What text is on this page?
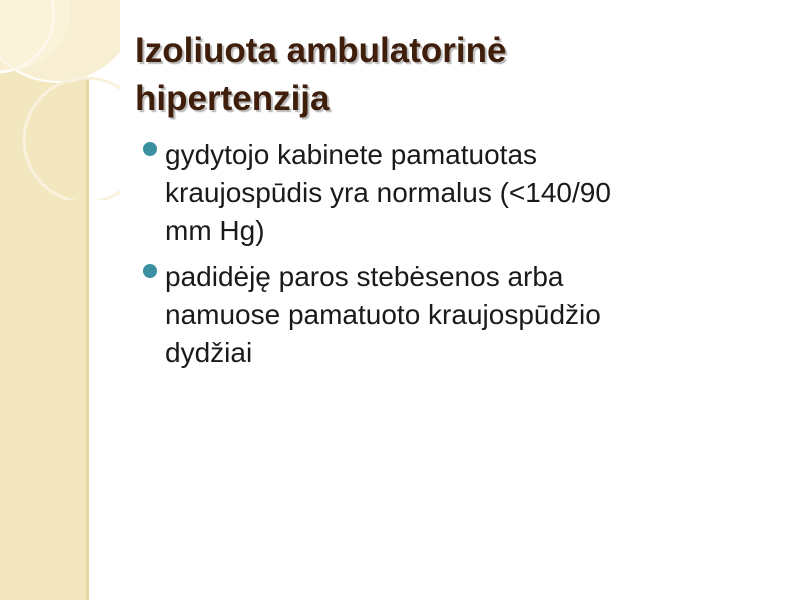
Izoliuota ambulatorinė
hipertenzija
gydytojo kabinete pamatuotas
kraujospūdis yra normalus (<140/90
mm Hg)
padidėję paros stebėsenos arba
namuose pamatuoto kraujospūdžio
dydžiai
